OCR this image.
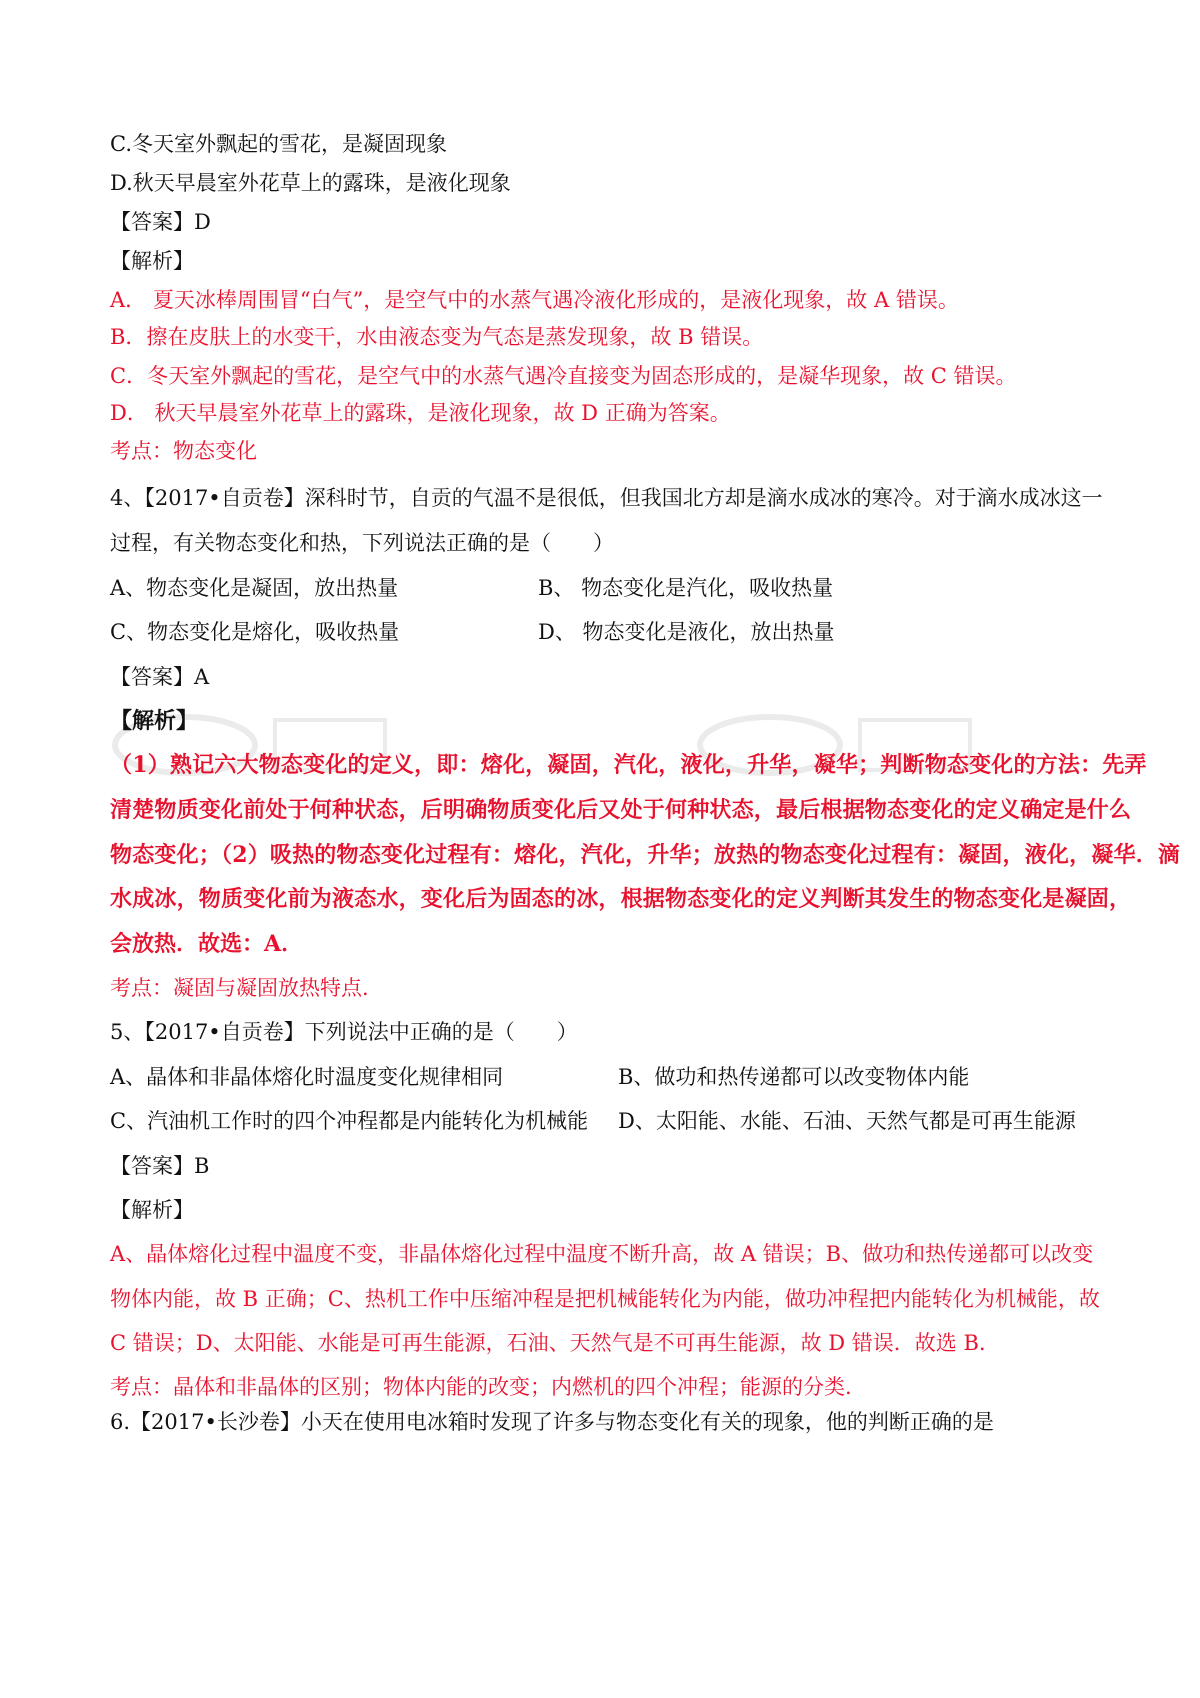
C.冬天室外飘起的雪花，是凝固现象
D.秋天早晨室外花草上的露珠，是液化现象
【答案】D
【解析】
A． 夏天冰棒周围冒“白气”，是空气中的水蒸气遇冷液化形成的，是液化现象，故 A 错误。
B．擦在皮肤上的水变干，水由液态变为气态是蒸发现象，故 B 错误。
C．冬天室外飘起的雪花，是空气中的水蒸气遇冷直接变为固态形成的，是凝华现象，故 C 错误。
D． 秋天早晨室外花草上的露珠，是液化现象，故 D 正确为答案。
考点：物态变化
4、【2017•自贡卷】深科时节，自贡的气温不是很低，但我国北方却是滴水成冰的寒冷。对于滴水成冰这一
过程，有关物态变化和热，下列说法正确的是（　　）
A、物态变化是凝固，放出热量	B、 物态变化是汽化，吸收热量
C、物态变化是熔化，吸收热量	D、 物态变化是液化，放出热量
【答案】A
【解析】
（1）熟记六大物态变化的定义，即：熔化，凝固，汽化，液化，升华，凝华；判断物态变化的方法：先弄
清楚物质变化前处于何种状态，后明确物质变化后又处于何种状态，最后根据物态变化的定义确定是什么
物态变化；（2）吸热的物态变化过程有：熔化，汽化，升华；放热的物态变化过程有：凝固，液化，凝华．滴
水成冰，物质变化前为液态水，变化后为固态的冰，根据物态变化的定义判断其发生的物态变化是凝固，
会放热．故选：A．
考点：凝固与凝固放热特点.
5、【2017•自贡卷】下列说法中正确的是（　　）
A、晶体和非晶体熔化时温度变化规律相同	B、做功和热传递都可以改变物体内能
C、汽油机工作时的四个冲程都是内能转化为机械能 D、太阳能、水能、石油、天然气都是可再生能源
【答案】B
【解析】
A、晶体熔化过程中温度不变，非晶体熔化过程中温度不断升高，故 A 错误；B、做功和热传递都可以改变
物体内能，故 B 正确；C、热机工作中压缩冲程是把机械能转化为内能，做功冲程把内能转化为机械能，故
C 错误；D、太阳能、水能是可再生能源，石油、天然气是不可再生能源，故 D 错误．故选 B.
考点：晶体和非晶体的区别；物体内能的改变；内燃机的四个冲程；能源的分类.
6.【2017•长沙卷】小天在使用电冰箱时发现了许多与物态变化有关的现象，他的判断正确的是
